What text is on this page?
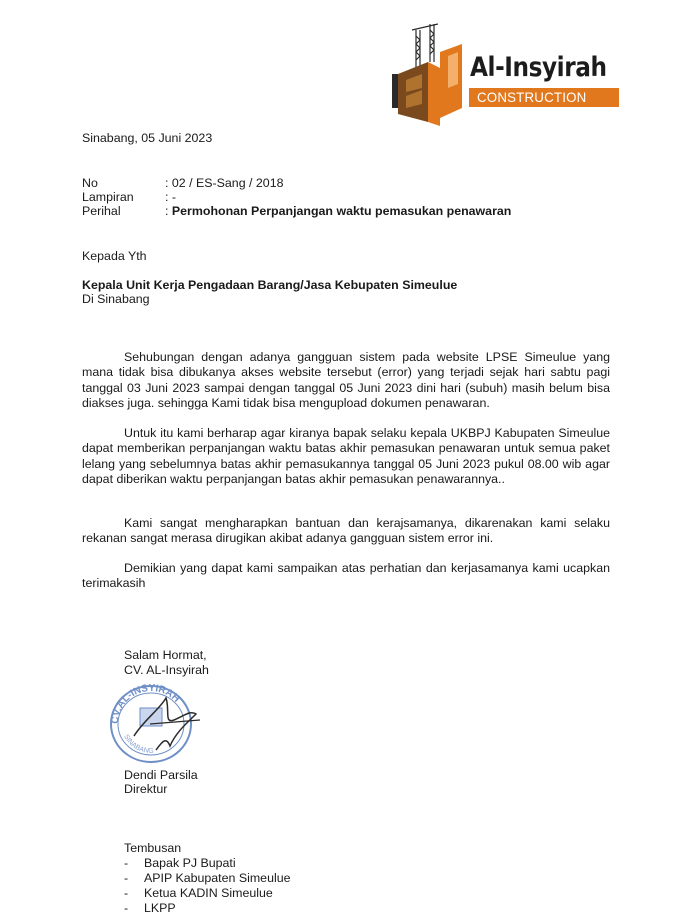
Al-Insyirah
CONSTRUCTION
Sinabang, 05 Juni 2023
No	: 02 / ES-Sang / 2018
Lampiran	: -
Perihal	: Permohonan Perpanjangan waktu pemasukan penawaran
Kepada Yth
Kepala Unit Kerja Pengadaan Barang/Jasa Kebupaten Simeulue
Di Sinabang
Sehubungan dengan adanya gangguan sistem pada website LPSE Simeulue yang mana tidak bisa dibukanya akses website tersebut (error) yang terjadi sejak hari sabtu pagi tanggal 03 Juni 2023 sampai dengan tanggal 05 Juni 2023 dini hari (subuh) masih belum bisa diakses juga. sehingga Kami tidak bisa mengupload dokumen penawaran.
Untuk itu kami berharap agar kiranya bapak selaku kepala UKBPJ Kabupaten Simeulue dapat memberikan perpanjangan waktu batas akhir pemasukan penawaran untuk semua paket lelang yang sebelumnya batas akhir pemasukannya tanggal 05 Juni 2023 pukul 08.00 wib agar dapat diberikan waktu perpanjangan batas akhir pemasukan penawarannya..
Kami sangat mengharapkan bantuan dan kerajsamanya, dikarenakan kami selaku rekanan sangat merasa dirugikan akibat adanya gangguan sistem error ini.
Demikian yang dapat kami sampaikan atas perhatian dan kerjasamanya kami ucapkan terimakasih
Salam Hormat,
CV. AL-Insyirah
CV.AL-INSYIRAH
SINABANG
Dendi Parsila
Direktur
Tembusan
- Bapak PJ Bupati
- APIP Kabupaten Simeulue
- Ketua KADIN Simeulue
- LKPP
